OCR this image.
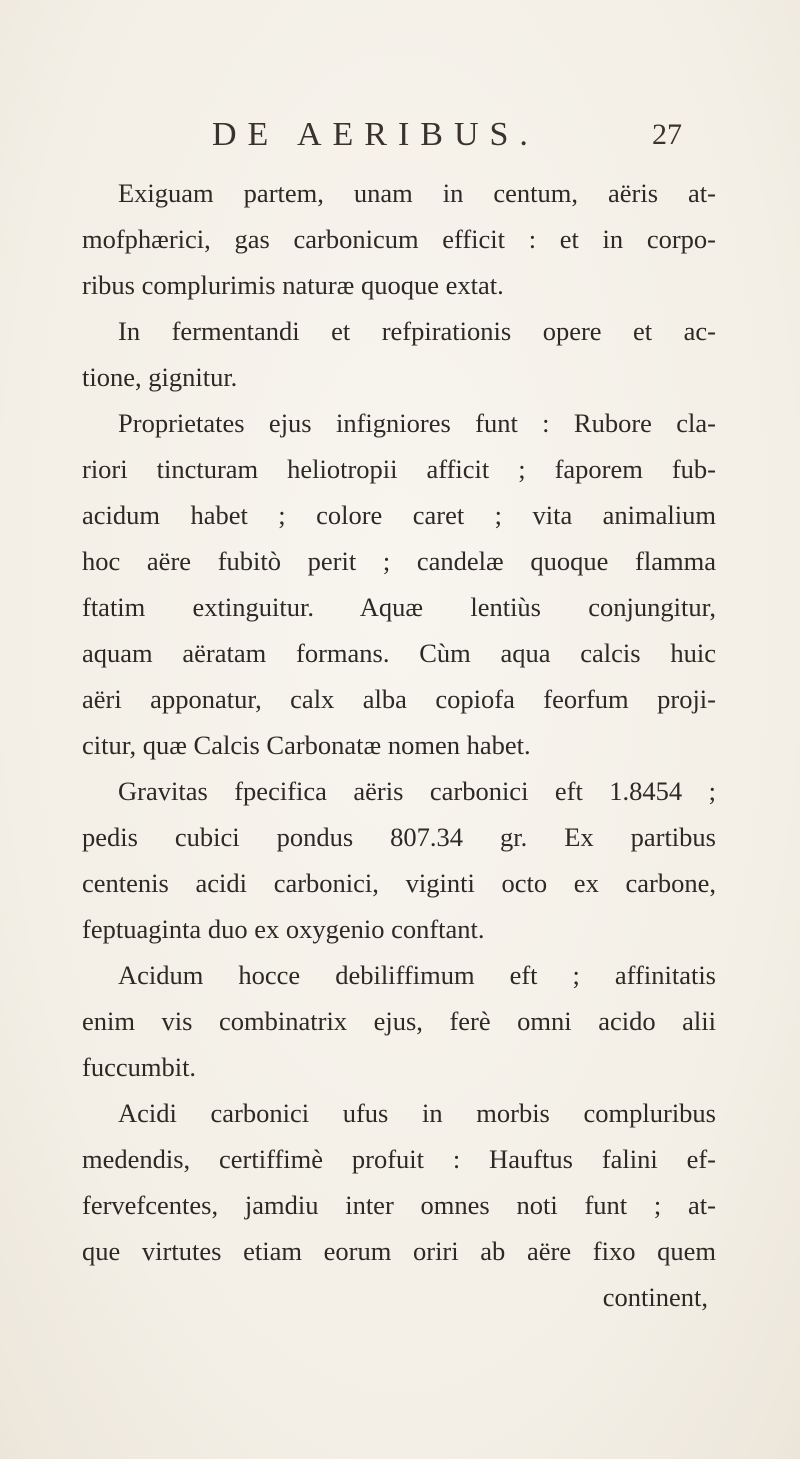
DE AERIBUS.	27
Exiguam partem, unam in centum, aëris at-
mofphærici, gas carbonicum efficit : et in corpo-
ribus complurimis naturæ quoque extat.
In fermentandi et refpirationis opere et ac-
tione, gignitur.
Proprietates ejus infigniores funt : Rubore cla-
riori tincturam heliotropii afficit ; faporem fub-
acidum habet ; colore caret ; vita animalium
hoc aëre fubitò perit ; candelæ quoque flamma
ftatim extinguitur. Aquæ lentiùs conjungitur,
aquam aëratam formans. Cùm aqua calcis huic
aëri apponatur, calx alba copiofa feorfum proji-
citur, quæ Calcis Carbonatæ nomen habet.
Gravitas fpecifica aëris carbonici eft 1.8454 ;
pedis cubici pondus 807.34 gr. Ex partibus
centenis acidi carbonici, viginti octo ex carbone,
feptuaginta duo ex oxygenio conftant.
Acidum hocce debiliffimum eft ; affinitatis
enim vis combinatrix ejus, ferè omni acido alii
fuccumbit.
Acidi carbonici ufus in morbis compluribus
medendis, certiffimè profuit : Hauftus falini ef-
fervefcentes, jamdiu inter omnes noti funt ; at-
que virtutes etiam eorum oriri ab aëre fixo quem
continent,
